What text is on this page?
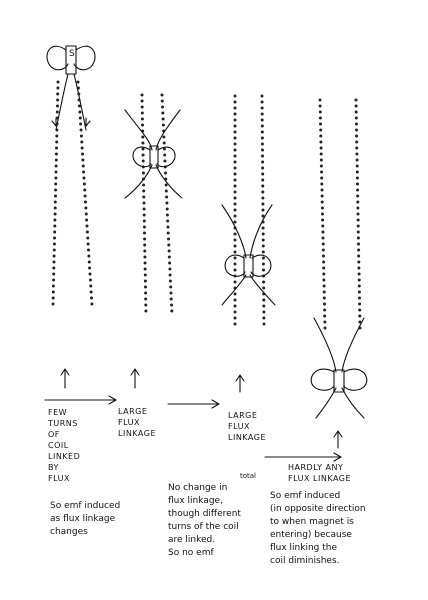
S
FEW
TURNS
OF
COIL
LINKED
BY
FLUX
LARGE
FLUX
LINKAGE
LARGE
FLUX
LINKAGE
HARDLY ANY
FLUX LINKAGE
So emf induced
as flux linkage
changes
total
No change in
flux linkage,
though different
turns of the coil
are linked.
So no emf
So emf induced
(in opposite direction
to when magnet is
entering) because
flux linking the
coil diminishes.
